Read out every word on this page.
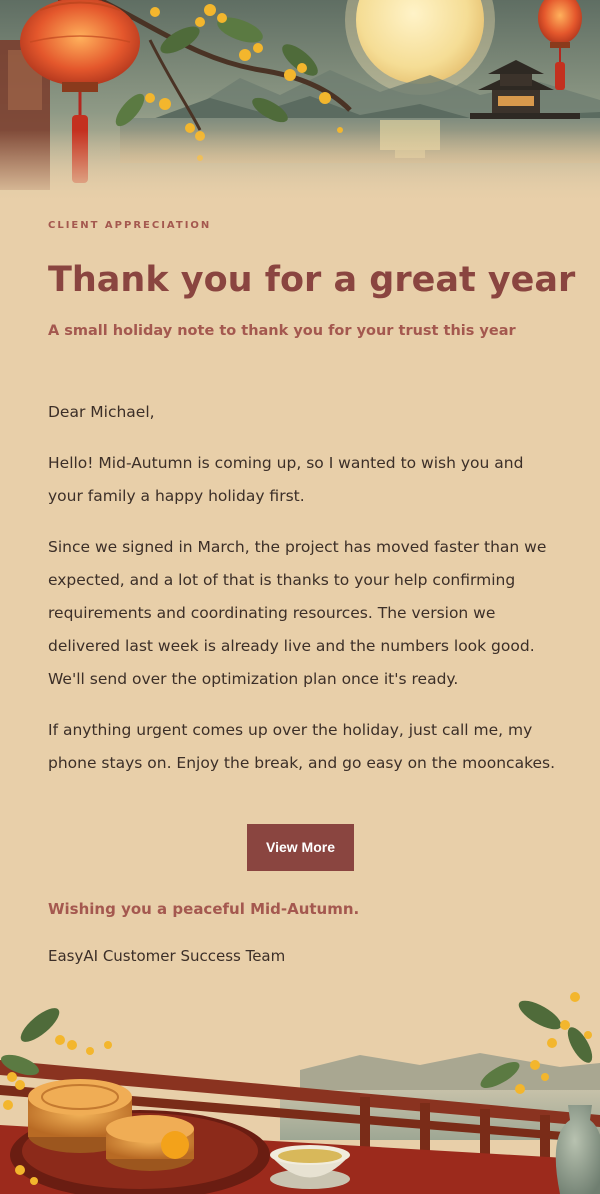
CLIENT APPRECIATION
Thank you for a great year

A small holiday note to thank you for your trust this year

Dear Michael,

Hello! Mid-Autumn is coming up, so I wanted to wish you and your family a happy holiday first.

Since we signed in March, the project has moved faster than we expected, and a lot of that is thanks to your help confirming requirements and coordinating resources. The version we delivered last week is already live and the numbers look good. We'll send over the optimization plan once it's ready.

If anything urgent comes up over the holiday, just call me, my phone stays on. Enjoy the break, and go easy on the mooncakes.

View More

Wishing you a peaceful Mid-Autumn.

EasyAI Customer Success Team
